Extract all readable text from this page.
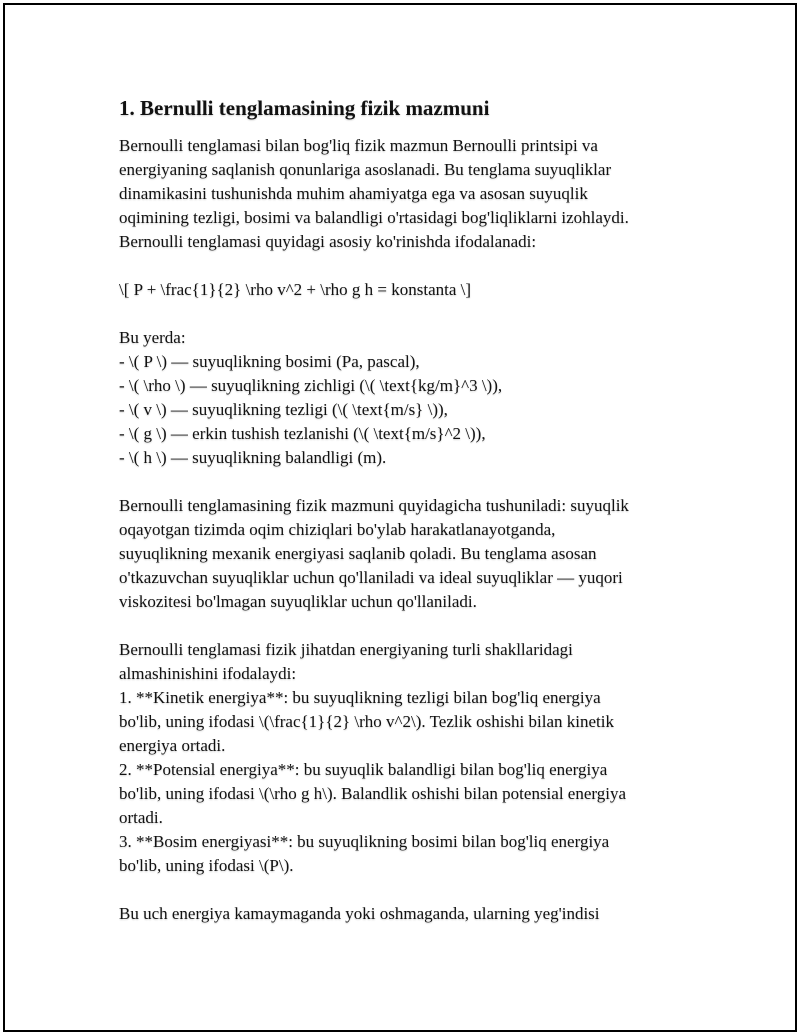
1. Bernulli tenglamasining fizik mazmuni
Bernoulli tenglamasi bilan bog'liq fizik mazmun Bernoulli printsipi va
energiyaning saqlanish qonunlariga asoslanadi. Bu tenglama suyuqliklar
dinamikasini tushunishda muhim ahamiyatga ega va asosan suyuqlik
oqimining tezligi, bosimi va balandligi o'rtasidagi bog'liqliklarni izohlaydi.
Bernoulli tenglamasi quyidagi asosiy ko'rinishda ifodalanadi:
\[ P + \frac{1}{2} \rho v^2 + \rho g h = konstanta \]
Bu yerda:
- \( P \) — suyuqlikning bosimi (Pa, pascal),
- \( \rho \) — suyuqlikning zichligi (\( \text{kg/m}^3 \)),
- \( v \) — suyuqlikning tezligi (\( \text{m/s} \)),
- \( g \) — erkin tushish tezlanishi (\( \text{m/s}^2 \)),
- \( h \) — suyuqlikning balandligi (m).
Bernoulli tenglamasining fizik mazmuni quyidagicha tushuniladi: suyuqlik
oqayotgan tizimda oqim chiziqlari bo'ylab harakatlanayotganda,
suyuqlikning mexanik energiyasi saqlanib qoladi. Bu tenglama asosan
o'tkazuvchan suyuqliklar uchun qo'llaniladi va ideal suyuqliklar — yuqori
viskozitesi bo'lmagan suyuqliklar uchun qo'llaniladi.
Bernoulli tenglamasi fizik jihatdan energiyaning turli shakllaridagi
almashinishini ifodalaydi:
1. **Kinetik energiya**: bu suyuqlikning tezligi bilan bog'liq energiya
bo'lib, uning ifodasi \(\frac{1}{2} \rho v^2\). Tezlik oshishi bilan kinetik
energiya ortadi.
2. **Potensial energiya**: bu suyuqlik balandligi bilan bog'liq energiya
bo'lib, uning ifodasi \(\rho g h\). Balandlik oshishi bilan potensial energiya
ortadi.
3. **Bosim energiyasi**: bu suyuqlikning bosimi bilan bog'liq energiya
bo'lib, uning ifodasi \(P\).
Bu uch energiya kamaymaganda yoki oshmaganda, ularning yeg'indisi
